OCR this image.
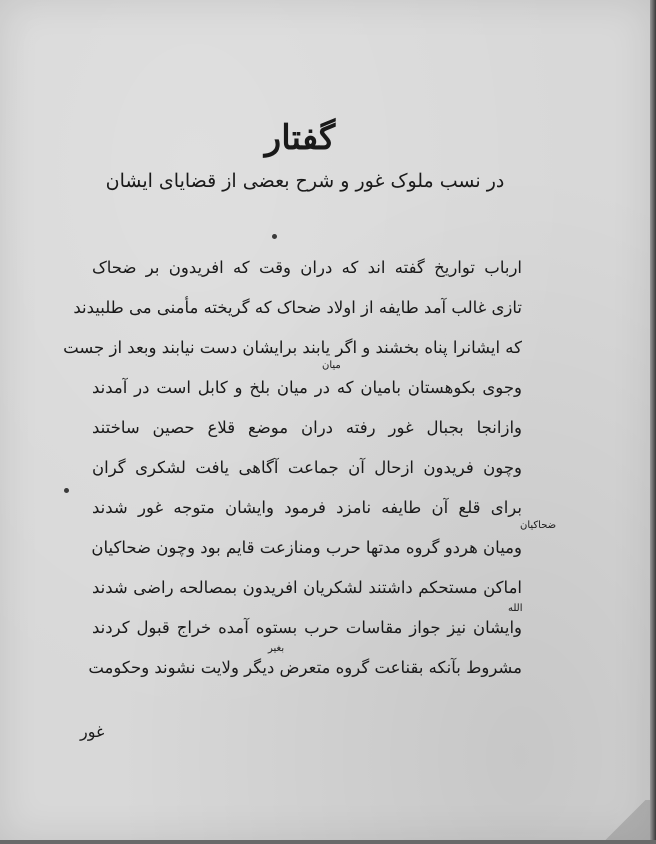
گفتار
در نسب ملوک غور و شرح بعضی از قضایای ایشان
ارباب تواریخ گفته اند که دران وقت که افریدون بر ضحاک
تازی غالب آمد طایفه از اولاد ضحاک که گریخته مأمنی می طلبیدند
که ایشانرا پناه بخشند و اگر یابند برایشان دست نیابند وبعد از جست
وجوی بکوهستان بامیان که در میان بلخ و کابل است در آمدند
وازانجا بجبال غور رفته دران موضع قلاع حصین ساختند
وچون فریدون ازحال آن جماعت آگاهی یافت لشکری گران
برای قلع آن طایفه نامزد فرمود وایشان متوجه غور شدند
ومیان هردو گروه مدتها حرب ومنازعت قایم بود وچون ضحاکیان
اماکن مستحکم داشتند لشکریان افریدون بمصالحه راضی شدند
وایشان نیز جواز مقاسات حرب بستوه آمده خراج قبول کردند
مشروط بآنکه بقناعت گروه متعرض دیگر ولایت نشوند وحکومت
میان
ضحاکیان
الله
بغیر
غور
